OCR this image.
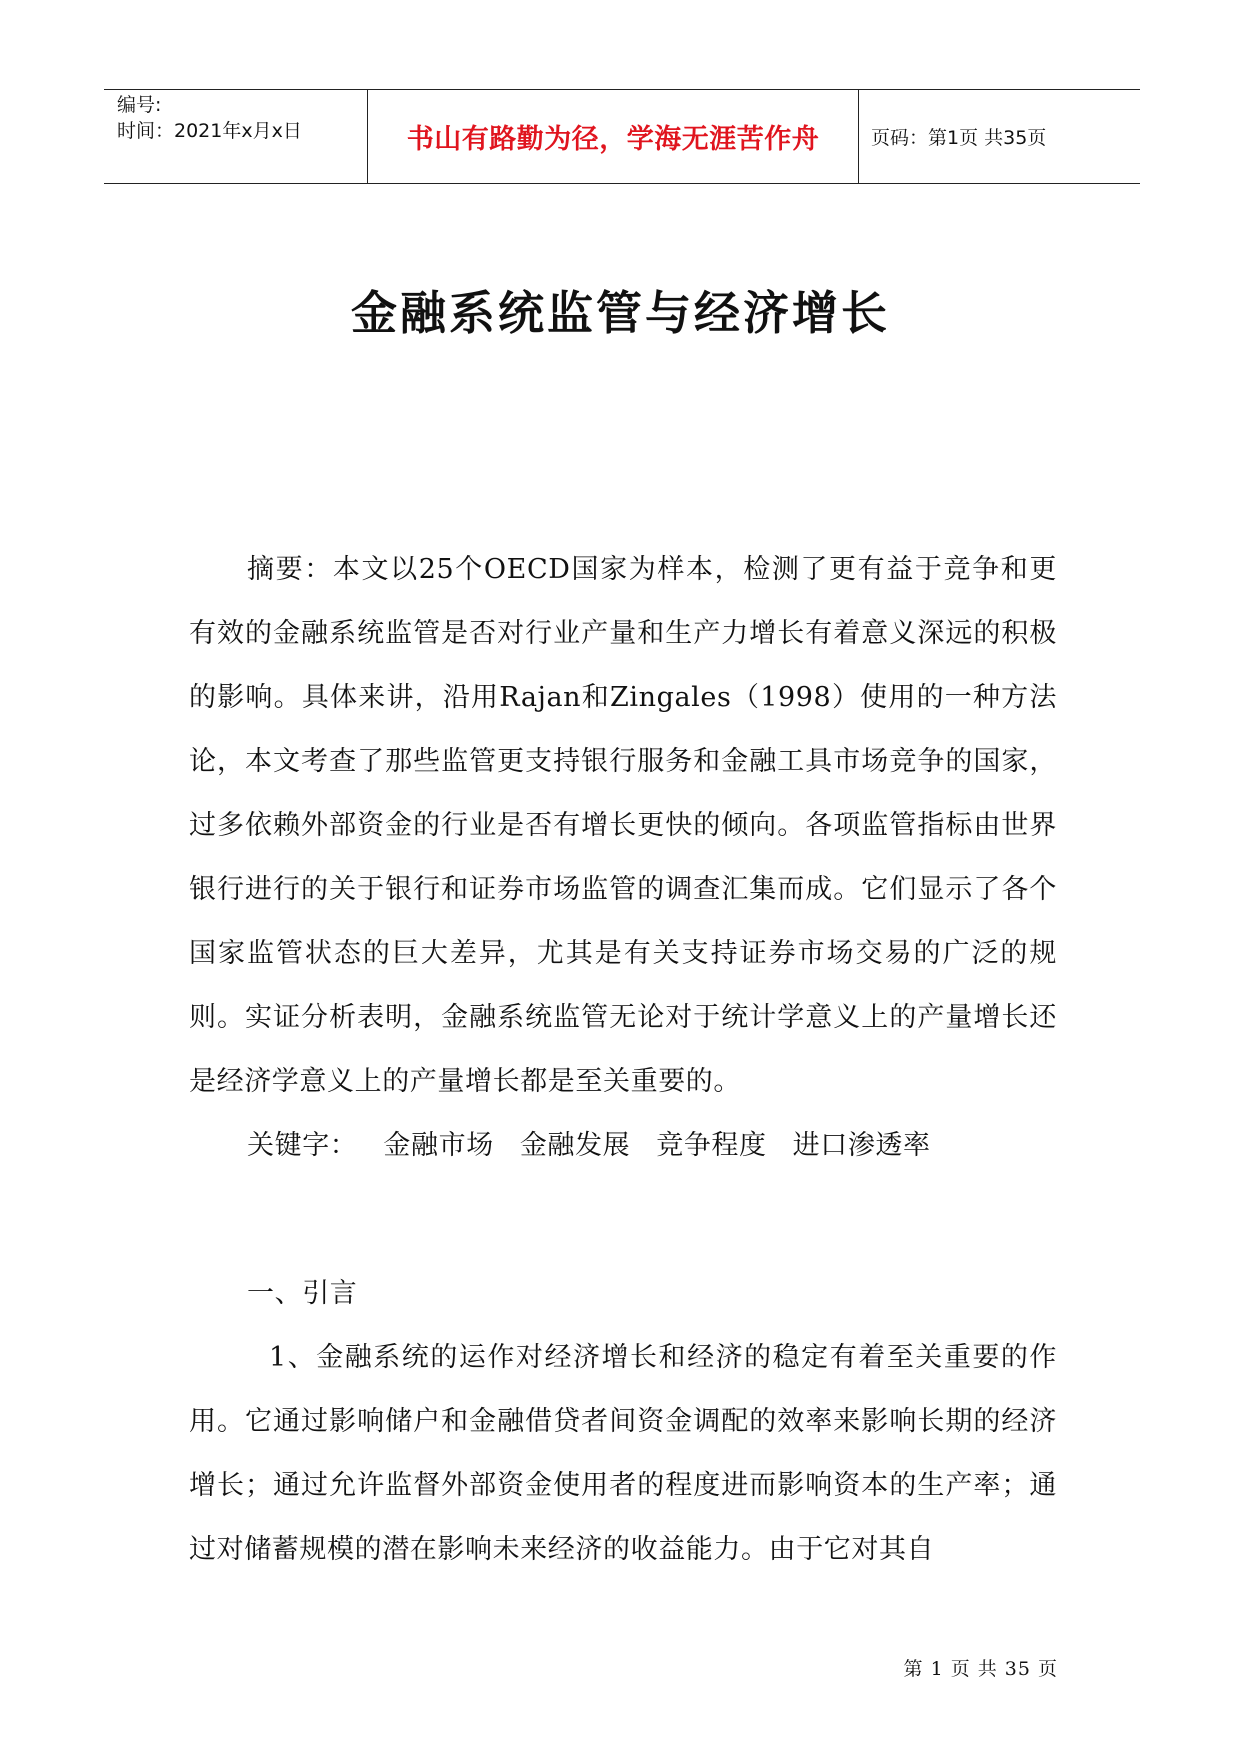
编号:
时间：2021年x月x日	书山有路勤为径，学海无涯苦作舟	页码：第1页 共35页
金融系统监管与经济增长

摘要：本文以25个OECD国家为样本，检测了更有益于竞争和更有效的金融系统监管是否对行业产量和生产力增长有着意义深远的积极的影响。具体来讲，沿用Rajan和Zingales（1998）使用的一种方法论，本文考查了那些监管更支持银行服务和金融工具市场竞争的国家，过多依赖外部资金的行业是否有增长更快的倾向。各项监管指标由世界银行进行的关于银行和证券市场监管的调查汇集而成。它们显示了各个国家监管状态的巨大差异，尤其是有关支持证券市场交易的广泛的规则。实证分析表明，金融系统监管无论对于统计学意义上的产量增长还是经济学意义上的产量增长都是至关重要的。

关键字： 金融市场 金融发展 竞争程度 进口渗透率

一、引言

1、金融系统的运作对经济增长和经济的稳定有着至关重要的作用。它通过影响储户和金融借贷者间资金调配的效率来影响长期的经济增长；通过允许监督外部资金使用者的程度进而影响资本的生产率；通过对储蓄规模的潜在影响未来经济的收益能力。由于它对其自

第 1 页 共 35 页
